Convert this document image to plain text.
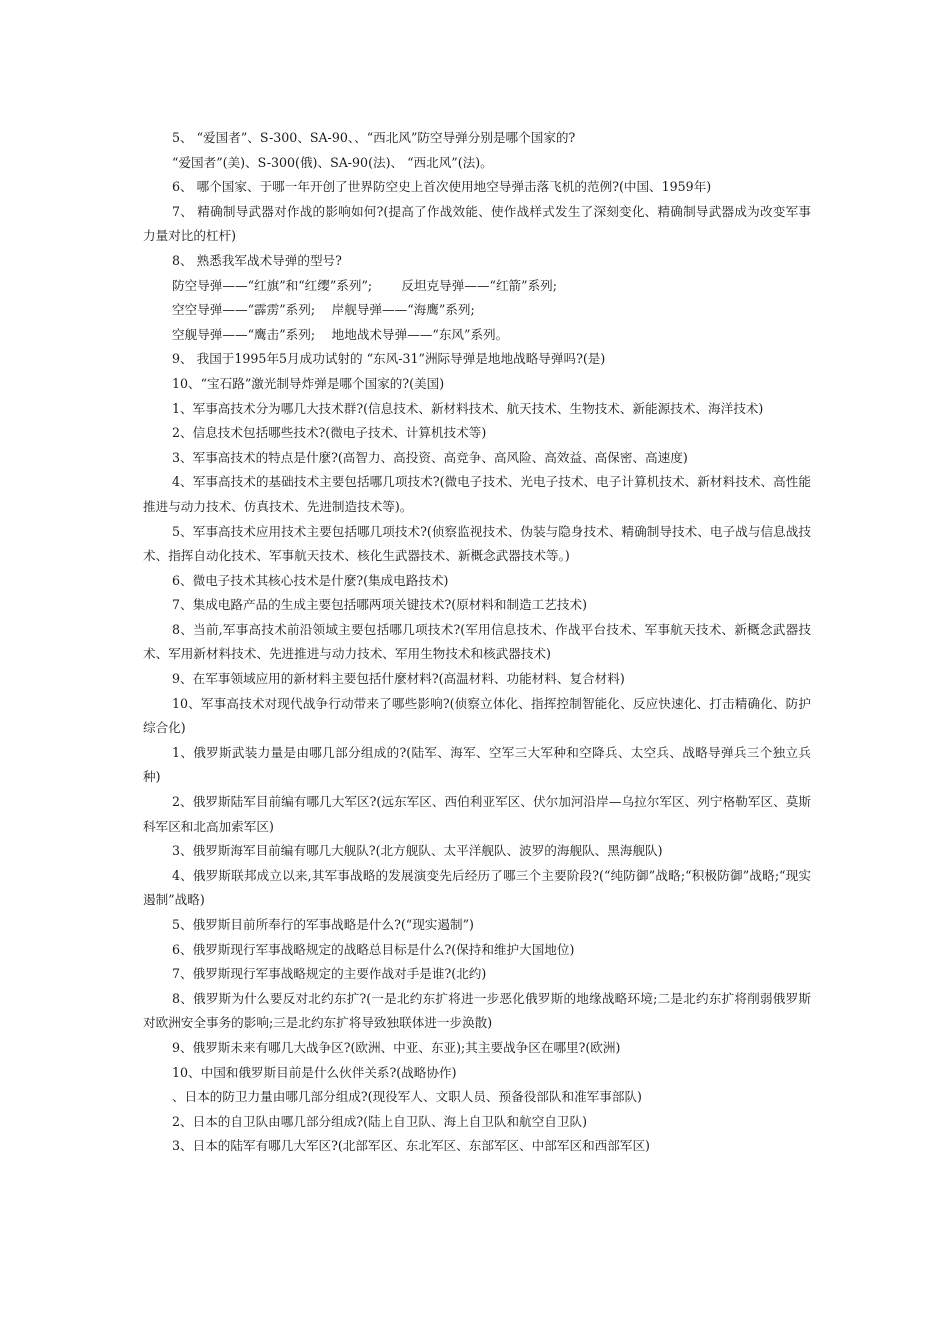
5、 “爱国者”、S-300、SA-90、、“西北风”防空导弹分别是哪个国家的?

“爱国者”(美)、S-300(俄)、SA-90(法)、 “西北风”(法)。

6、 哪个国家、于哪一年开创了世界防空史上首次使用地空导弹击落飞机的范例?(中国、1959年)

7、 精确制导武器对作战的影响如何?(提高了作战效能、使作战样式发生了深刻变化、精确制导武器成为改变军事力量对比的杠杆)

8、 熟悉我军战术导弹的型号?

防空导弹——“红旗”和“红缨”系列”;　　 反坦克导弹——“红箭”系列;

空空导弹——“霹雳”系列;　 岸舰导弹——“海鹰”系列;

空舰导弹——“鹰击”系列;　 地地战术导弹——“东风”系列。

9、 我国于1995年5月成功试射的 “东风-31”洲际导弹是地地战略导弹吗?(是)

10、“宝石路”激光制导炸弹是哪个国家的?(美国)

1、军事高技术分为哪几大技术群?(信息技术、新材料技术、航天技术、生物技术、新能源技术、海洋技术)

2、信息技术包括哪些技术?(微电子技术、计算机技术等)

3、军事高技术的特点是什麼?(高智力、高投资、高竞争、高风险、高效益、高保密、高速度)

4、军事高技术的基础技术主要包括哪几项技术?(微电子技术、光电子技术、电子计算机技术、新材料技术、高性能推进与动力技术、仿真技术、先进制造技术等)。

5、军事高技术应用技术主要包括哪几项技术?(侦察监视技术、伪装与隐身技术、精确制导技术、电子战与信息战技术、指挥自动化技术、军事航天技术、核化生武器技术、新概念武器技术等。)

6、微电子技术其核心技术是什麼?(集成电路技术)

7、集成电路产品的生成主要包括哪两项关键技术?(原材料和制造工艺技术)

8、当前,军事高技术前沿领域主要包括哪几项技术?(军用信息技术、作战平台技术、军事航天技术、新概念武器技术、军用新材料技术、先进推进与动力技术、军用生物技术和核武器技术)

9、在军事领域应用的新材料主要包括什麼材料?(高温材料、功能材料、复合材料)

10、军事高技术对现代战争行动带来了哪些影响?(侦察立体化、指挥控制智能化、反应快速化、打击精确化、防护综合化)

1、俄罗斯武装力量是由哪几部分组成的?(陆军、海军、空军三大军种和空降兵、太空兵、战略导弹兵三个独立兵种)

2、俄罗斯陆军目前编有哪几大军区?(远东军区、西伯利亚军区、伏尔加河沿岸—乌拉尔军区、列宁格勒军区、莫斯科军区和北高加索军区)

3、俄罗斯海军目前编有哪几大舰队?(北方舰队、太平洋舰队、波罗的海舰队、黑海舰队)

4、俄罗斯联邦成立以来,其军事战略的发展演变先后经历了哪三个主要阶段?(“纯防御”战略;“积极防御”战略;“现实遏制”战略)

5、俄罗斯目前所奉行的军事战略是什么?(“现实遏制”)

6、俄罗斯现行军事战略规定的战略总目标是什么?(保持和维护大国地位)

7、俄罗斯现行军事战略规定的主要作战对手是谁?(北约)

8、俄罗斯为什么要反对北约东扩?(一是北约东扩将进一步恶化俄罗斯的地缘战略环境;二是北约东扩将削弱俄罗斯对欧洲安全事务的影响;三是北约东扩将导致独联体进一步涣散)

9、俄罗斯未来有哪几大战争区?(欧洲、中亚、东亚);其主要战争区在哪里?(欧洲)

10、中国和俄罗斯目前是什么伙伴关系?(战略协作)

、日本的防卫力量由哪几部分组成?(现役军人、文职人员、预备役部队和准军事部队)

2、日本的自卫队由哪几部分组成?(陆上自卫队、海上自卫队和航空自卫队)

3、日本的陆军有哪几大军区?(北部军区、东北军区、东部军区、中部军区和西部军区)
